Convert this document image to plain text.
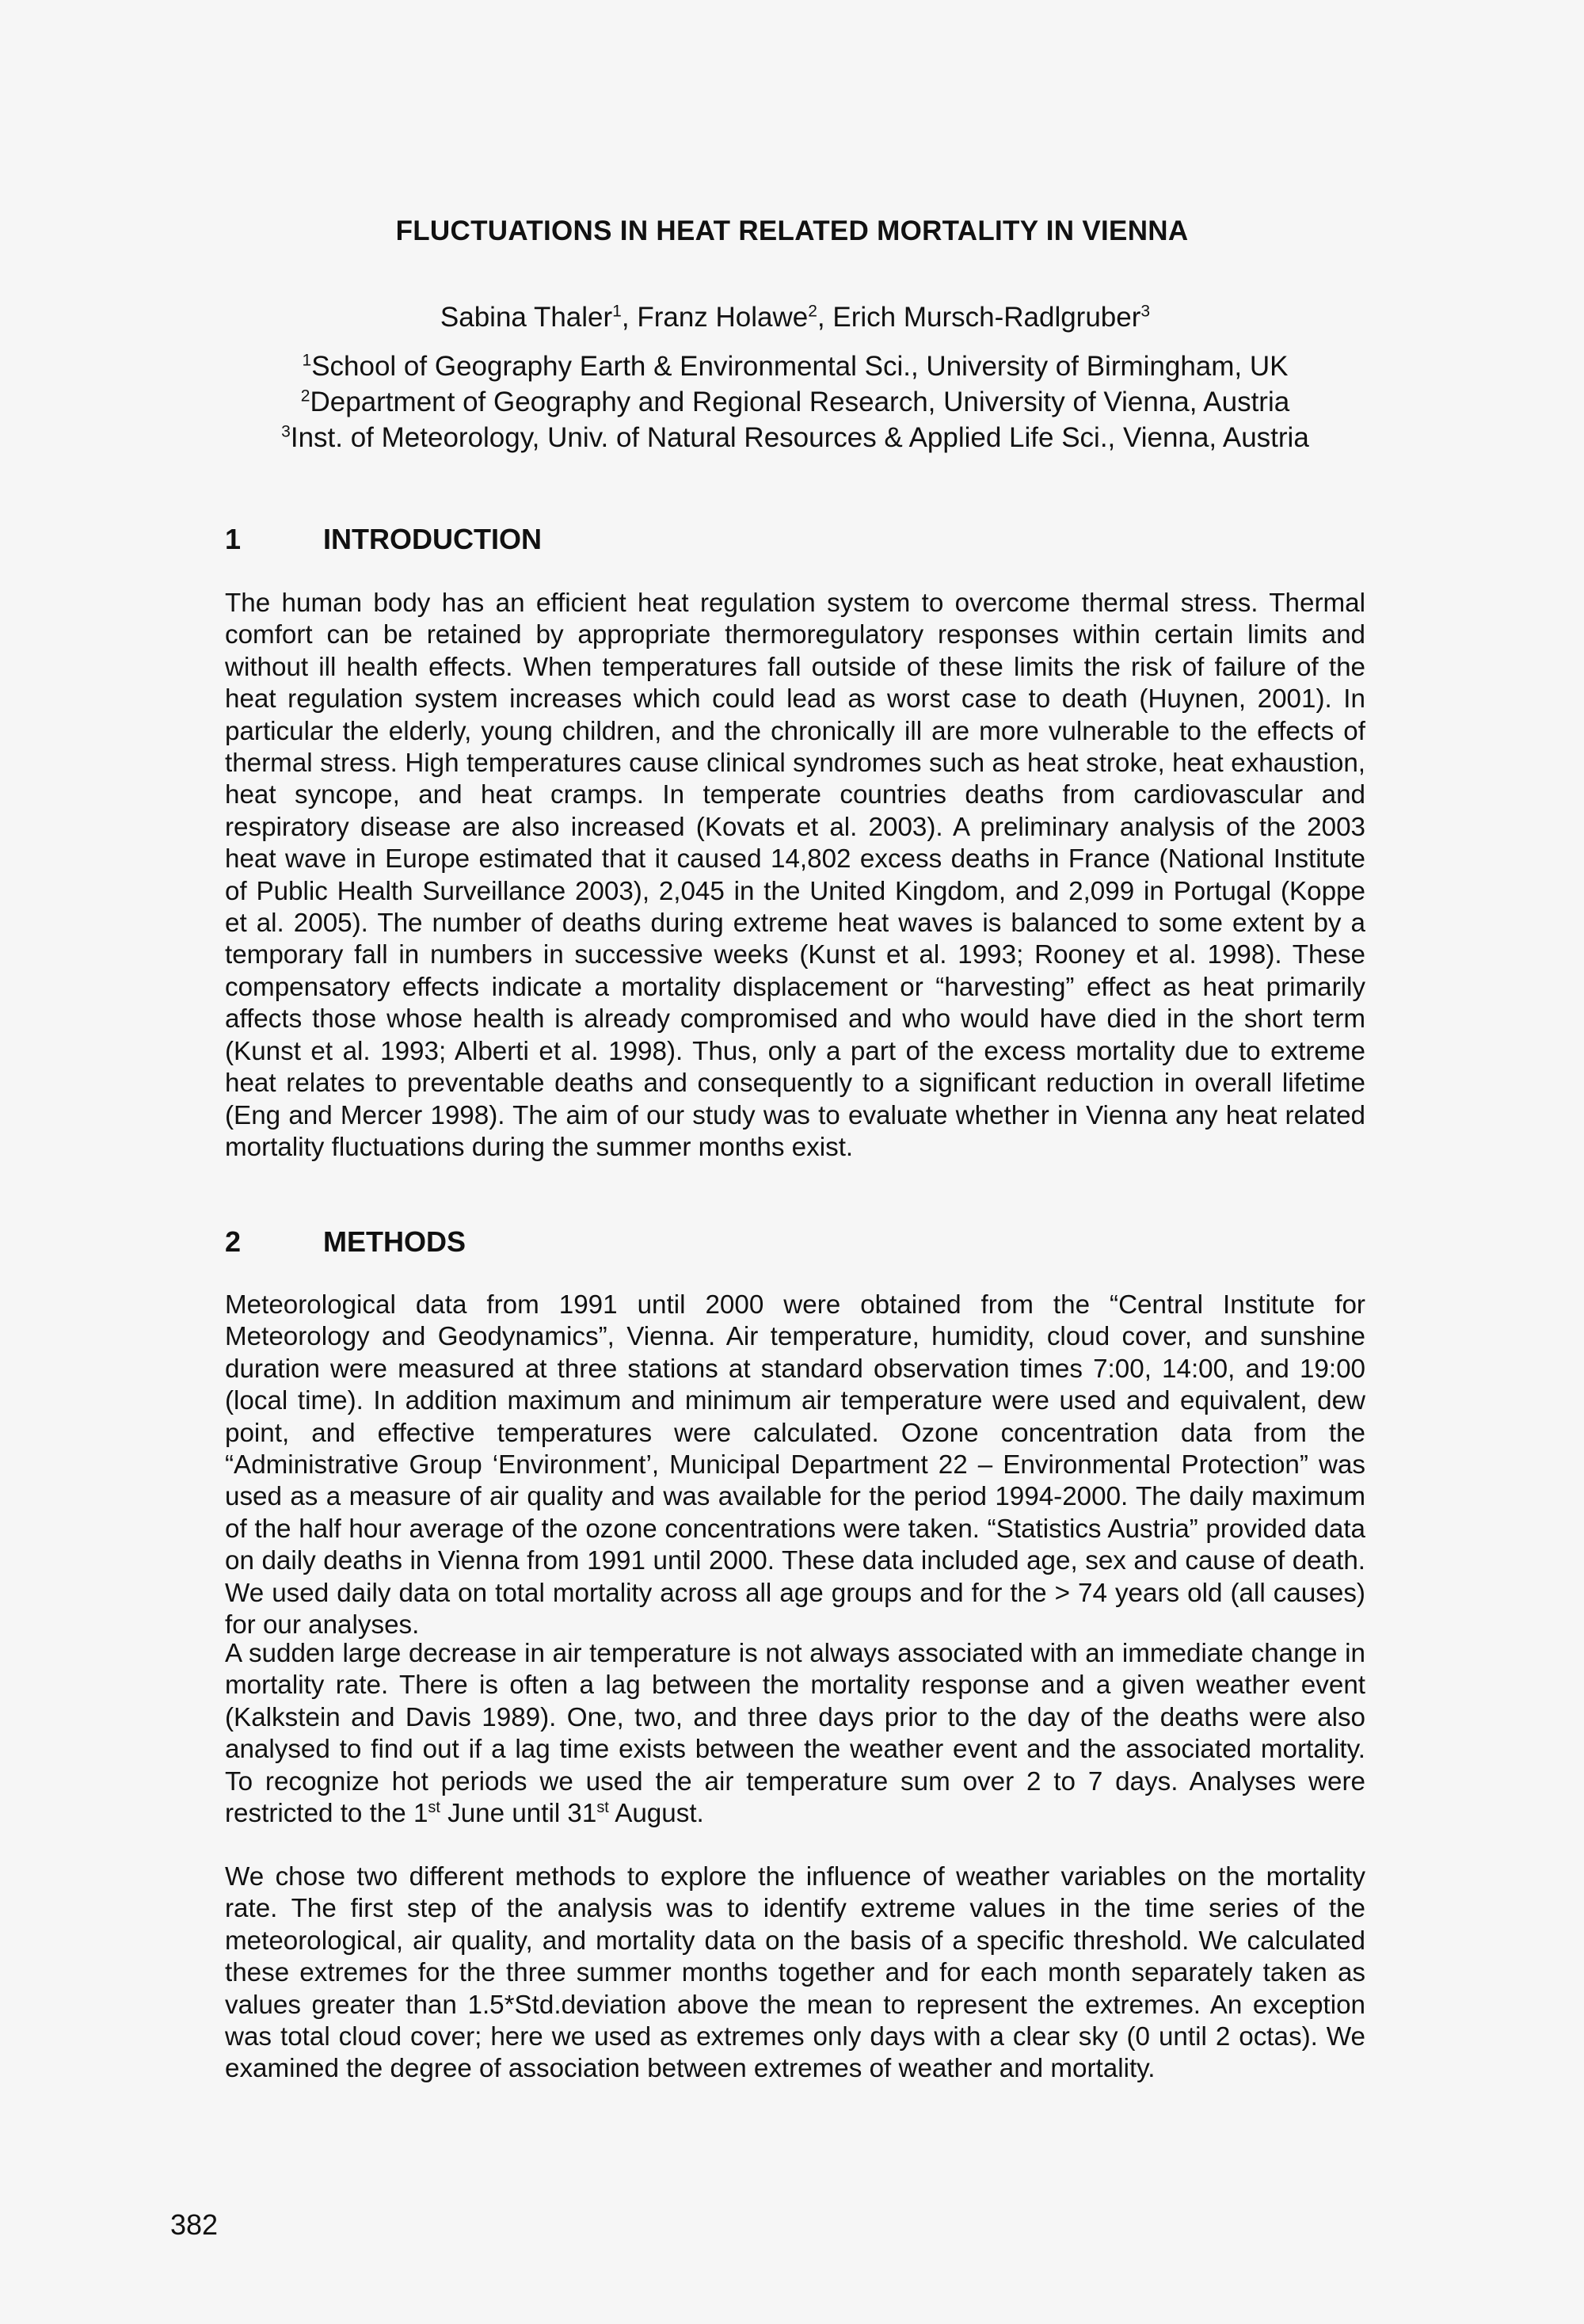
FLUCTUATIONS IN HEAT RELATED MORTALITY IN VIENNA
Sabina Thaler$^1$, Franz Holawe$^2$, Erich Mursch-Radlgruber$^3$
$^1$School of Geography Earth & Environmental Sci., University of Birmingham, UK
$^2$Department of Geography and Regional Research, University of Vienna, Austria
$^3$Inst. of Meteorology, Univ. of Natural Resources & Applied Life Sci., Vienna, Austria
1	INTRODUCTION

The human body has an efficient heat regulation system to overcome thermal stress. Thermal comfort can be retained by appropriate thermoregulatory responses within certain limits and without ill health effects. When temperatures fall outside of these limits the risk of failure of the heat regulation system increases which could lead as worst case to death (Huynen, 2001). In particular the elderly, young children, and the chronically ill are more vulnerable to the effects of thermal stress. High temperatures cause clinical syndromes such as heat stroke, heat exhaustion, heat syncope, and heat cramps. In temperate countries deaths from cardiovascular and respiratory disease are also increased (Kovats et al. 2003). A preliminary analysis of the 2003 heat wave in Europe estimated that it caused 14,802 excess deaths in France (National Institute of Public Health Surveillance 2003), 2,045 in the United Kingdom, and 2,099 in Portugal (Koppe et al. 2005). The number of deaths during extreme heat waves is balanced to some extent by a temporary fall in numbers in successive weeks (Kunst et al. 1993; Rooney et al. 1998). These compensatory effects indicate a mortality displacement or “harvesting” effect as heat primarily affects those whose health is already compromised and who would have died in the short term (Kunst et al. 1993; Alberti et al. 1998). Thus, only a part of the excess mortality due to extreme heat relates to preventable deaths and consequently to a significant reduction in overall lifetime (Eng and Mercer 1998). The aim of our study was to evaluate whether in Vienna any heat related mortality fluctuations during the summer months exist.

2	METHODS

Meteorological data from 1991 until 2000 were obtained from the “Central Institute for Meteorology and Geodynamics”, Vienna. Air temperature, humidity, cloud cover, and sunshine duration were measured at three stations at standard observation times 7:00, 14:00, and 19:00 (local time). In addition maximum and minimum air temperature were used and equivalent, dew point, and effective temperatures were calculated. Ozone concentration data from the “Administrative Group ‘Environment’, Municipal Department 22 – Environmental Protection” was used as a measure of air quality and was available for the period 1994-2000. The daily maximum of the half hour average of the ozone concentrations were taken. “Statistics Austria” provided data on daily deaths in Vienna from 1991 until 2000. These data included age, sex and cause of death. We used daily data on total mortality across all age groups and for the > 74 years old (all causes) for our analyses.

A sudden large decrease in air temperature is not always associated with an immediate change in mortality rate. There is often a lag between the mortality response and a given weather event (Kalkstein and Davis 1989). One, two, and three days prior to the day of the deaths were also analysed to find out if a lag time exists between the weather event and the associated mortality. To recognize hot periods we used the air temperature sum over 2 to 7 days. Analyses were restricted to the 1st June until 31st August.

We chose two different methods to explore the influence of weather variables on the mortality rate. The first step of the analysis was to identify extreme values in the time series of the meteorological, air quality, and mortality data on the basis of a specific threshold. We calculated these extremes for the three summer months together and for each month separately taken as values greater than 1.5*Std.deviation above the mean to represent the extremes. An exception was total cloud cover; here we used as extremes only days with a clear sky (0 until 2 octas). We examined the degree of association between extremes of weather and mortality.

382
